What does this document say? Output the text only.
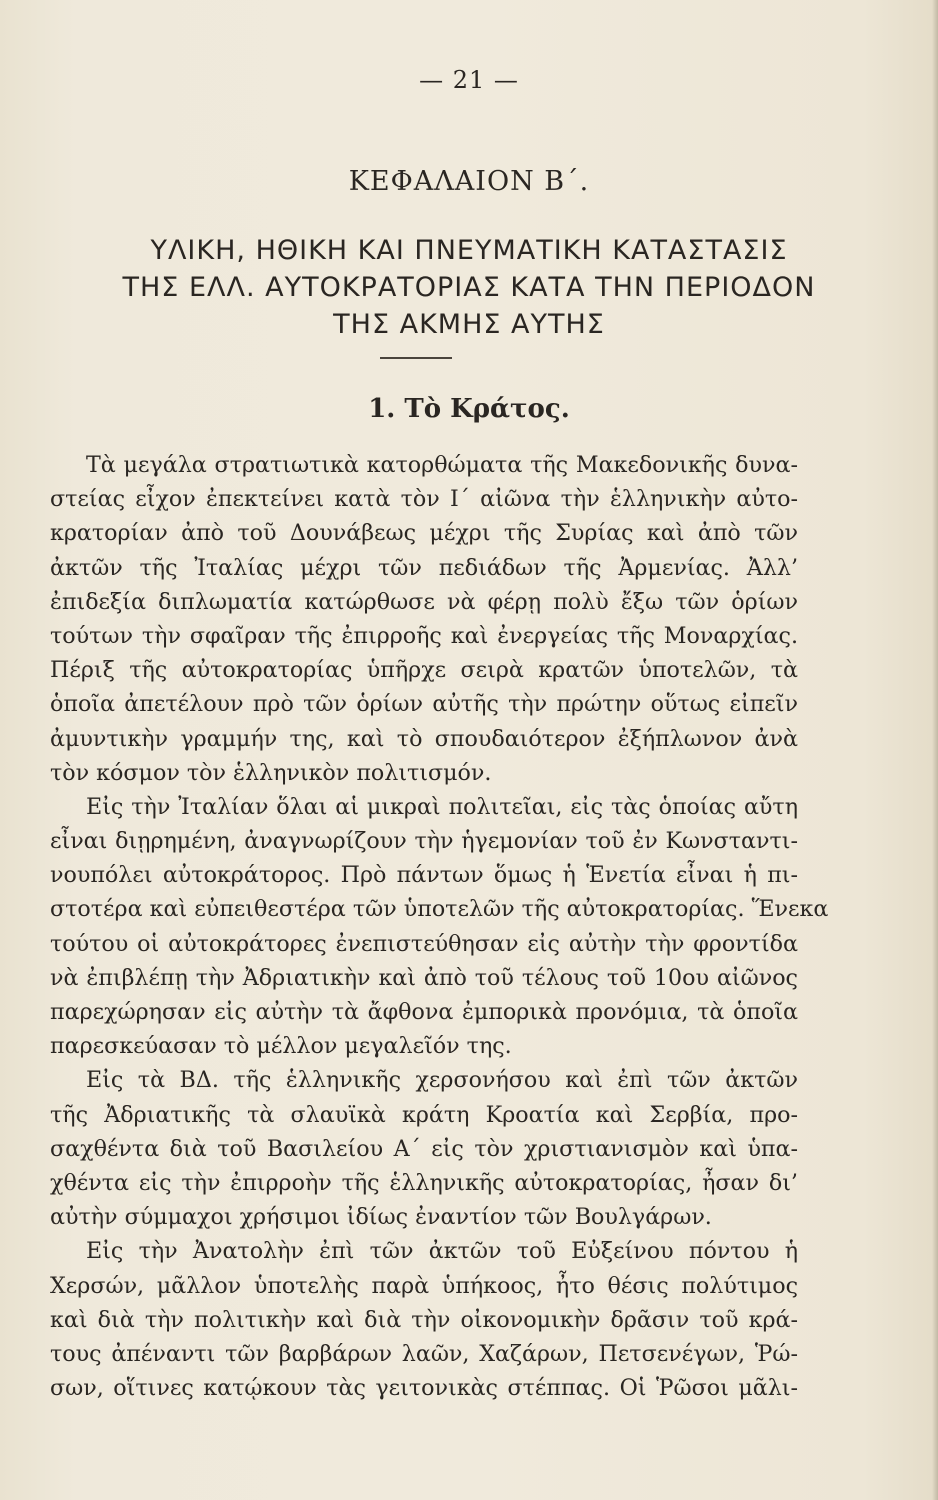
— 21 —
ΚΕΦΑΛΑΙΟΝ Β΄.
ΥΛΙΚΗ, ΗΘΙΚΗ ΚΑΙ ΠΝΕΥΜΑΤΙΚΗ ΚΑΤΑΣΤΑΣΙΣ
ΤΗΣ ΕΛΛ. ΑΥΤΟΚΡΑΤΟΡΙΑΣ ΚΑΤΑ ΤΗΝ ΠΕΡΙΟΔΟΝ
ΤΗΣ ΑΚΜΗΣ ΑΥΤΗΣ
1. Τὸ Κράτος.
Τὰ μεγάλα στρατιωτικὰ κατορθώματα τῆς Μακεδονικῆς δυνα-
στείας εἶχον ἐπεκτείνει κατὰ τὸν Ι΄ αἰῶνα τὴν ἑλληνικὴν αὐτο-
κρατορίαν ἀπὸ τοῦ Δουνάβεως μέχρι τῆς Συρίας καὶ ἀπὸ τῶν
ἀκτῶν τῆς Ἰταλίας μέχρι τῶν πεδιάδων τῆς Ἀρμενίας. Ἀλλ’
ἐπιδεξία διπλωματία κατώρθωσε νὰ φέρῃ πολὺ ἔξω τῶν ὁρίων
τούτων τὴν σφαῖραν τῆς ἐπιρροῆς καὶ ἐνεργείας τῆς Μοναρχίας.
Πέριξ τῆς αὐτοκρατορίας ὑπῆρχε σειρὰ κρατῶν ὑποτελῶν, τὰ
ὁποῖα ἀπετέλουν πρὸ τῶν ὁρίων αὐτῆς τὴν πρώτην οὕτως εἰπεῖν
ἀμυντικὴν γραμμήν της, καὶ τὸ σπουδαιότερον ἐξήπλωνον ἀνὰ
τὸν κόσμον τὸν ἑλληνικὸν πολιτισμόν.
Εἰς τὴν Ἰταλίαν ὅλαι αἱ μικραὶ πολιτεῖαι, εἰς τὰς ὁποίας αὔτη
εἶναι διῃρημένη, ἀναγνωρίζουν τὴν ἡγεμονίαν τοῦ ἐν Κωνσταντι-
νουπόλει αὐτοκράτορος. Πρὸ πάντων ὅμως ἡ Ἑνετία εἶναι ἡ πι-
στοτέρα καὶ εὐπειθεστέρα τῶν ὑποτελῶν τῆς αὐτοκρατορίας. Ἕνεκα
τούτου οἱ αὐτοκράτορες ἐνεπιστεύθησαν εἰς αὐτὴν τὴν φροντίδα
νὰ ἐπιβλέπῃ τὴν Ἀδριατικὴν καὶ ἀπὸ τοῦ τέλους τοῦ 10ου αἰῶνος
παρεχώρησαν εἰς αὐτὴν τὰ ἄφθονα ἐμπορικὰ προνόμια, τὰ ὁποῖα
παρεσκεύασαν τὸ μέλλον μεγαλεῖόν της.
Εἰς τὰ ΒΔ. τῆς ἑλληνικῆς χερσονήσου καὶ ἐπὶ τῶν ἀκτῶν
τῆς Ἀδριατικῆς τὰ σλαυϊκὰ κράτη Κροατία καὶ Σερβία, προ-
σαχθέντα διὰ τοῦ Βασιλείου Α΄ εἰς τὸν χριστιανισμὸν καὶ ὑπα-
χθέντα εἰς τὴν ἐπιρροὴν τῆς ἑλληνικῆς αὐτοκρατορίας, ἦσαν δι’
αὐτὴν σύμμαχοι χρήσιμοι ἰδίως ἐναντίον τῶν Βουλγάρων.
Εἰς τὴν Ἀνατολὴν ἐπὶ τῶν ἀκτῶν τοῦ Εὐξείνου πόντου ἡ
Χερσών, μᾶλλον ὑποτελὴς παρὰ ὑπήκοος, ἦτο θέσις πολύτιμος
καὶ διὰ τὴν πολιτικὴν καὶ διὰ τὴν οἰκονομικὴν δρᾶσιν τοῦ κρά-
τους ἀπέναντι τῶν βαρβάρων λαῶν, Χαζάρων, Πετσενέγων, Ῥώ-
σων, οἵτινες κατῴκουν τὰς γειτονικὰς στέππας. Οἱ Ῥῶσοι μᾶλι-
